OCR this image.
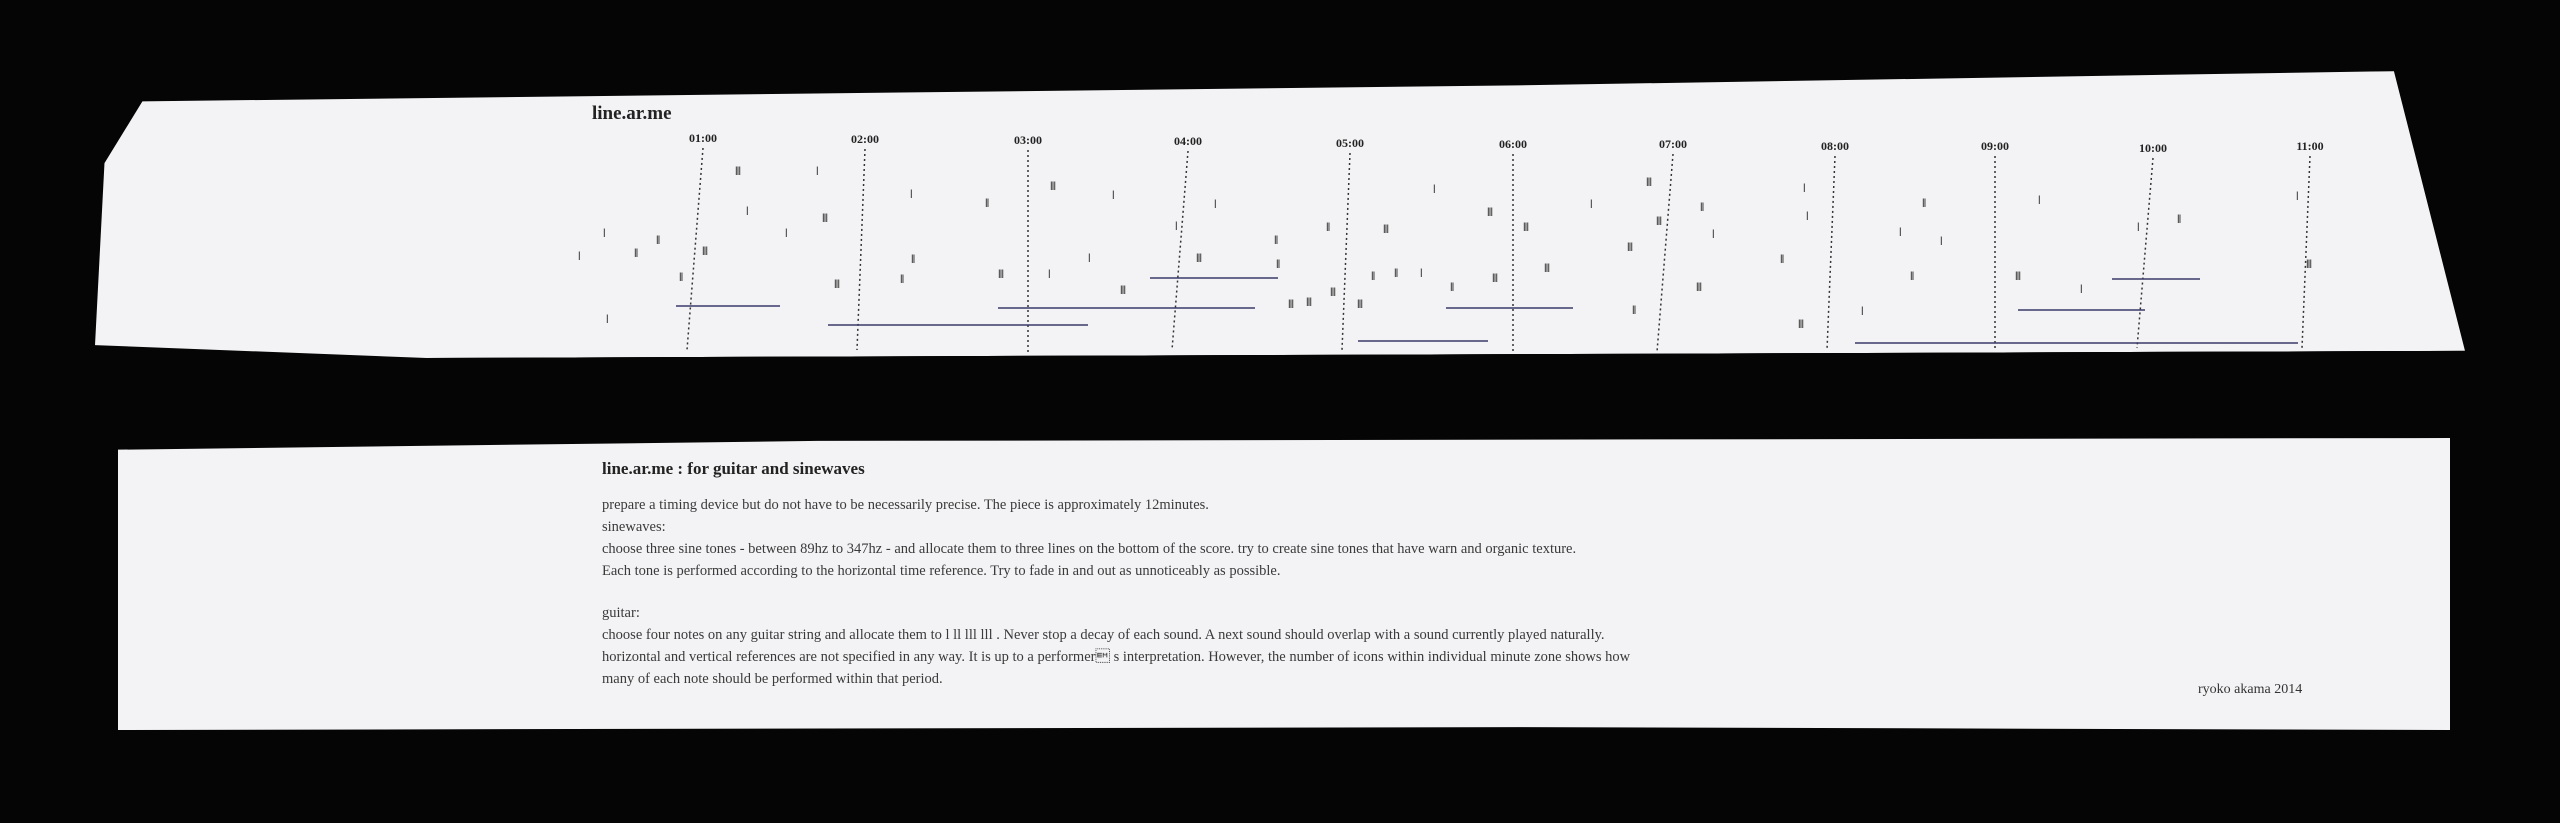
line.ar.me
01:00	02:00	03:00	04:00	05:00	06:00	07:00	08:00	09:00	10:00	11:00
l
l
l
ll
ll
ll
lll
lll
l
l
l
lll
lll	ll
ll
l
ll
lll	l
lll
l
l
lll
l
lll
l
ll
ll
lll lll
ll
lll
lll
ll
lll
ll l
l
ll
lll
lll
lll
lll
l
lll
ll
lll
lll
lll
ll
l
ll
lll
l
l
l
l
ll
ll
l
lll
l
l
l
ll
l
lll
line.ar.me : for guitar and sinewaves
prepare a timing device but do not have to be necessarily precise. The piece is approximately 12minutes.
sinewaves:
choose three sine tones - between 89hz to 347hz - and allocate them to three lines on the bottom of the score. try to create sine tones that have warn and organic texture.
Each tone is performed according to the horizontal time reference. Try to fade in and out as unnoticeably as possible.
guitar:
choose four notes on any guitar string and allocate them to l ll lll lll . Never stop a decay of each sound. A next sound should overlap with a sound currently played naturally.
horizontal and vertical references are not specified in any way. It is up to a performer s interpretation. However, the number of icons within individual minute zone shows how
many of each note should be performed within that period.
ryoko akama 2014
